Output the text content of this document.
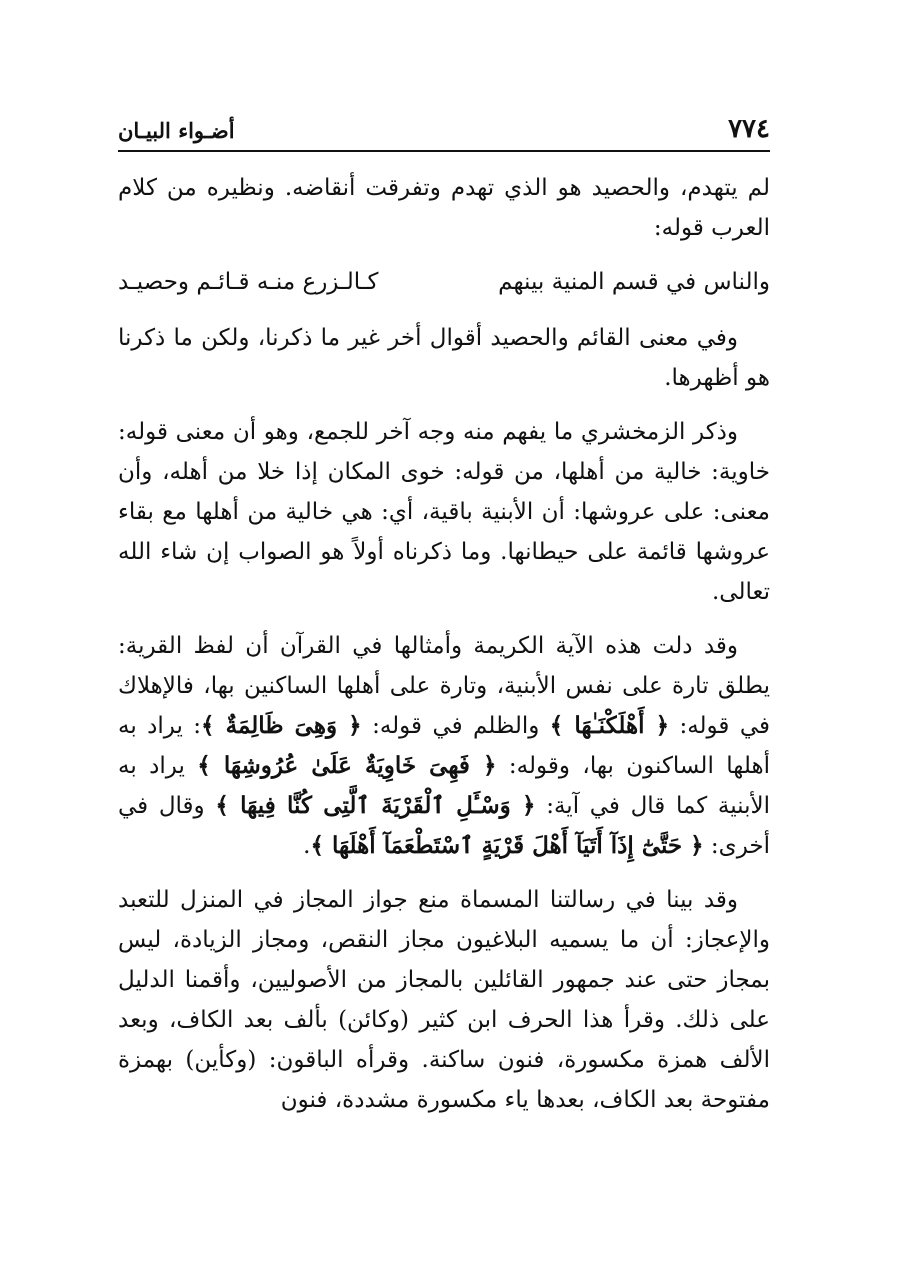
٧٧٤
أضـواء البيـان

لم يتهدم، والحصيد هو الذي تهدم وتفرقت أنقاضه. ونظيره من كلام العرب قوله:

والناس في قسم المنية بينهم
كـالـزرع منـه قـائـم وحصيـد

وفي معنى القائم والحصيد أقوال أخر غير ما ذكرنا، ولكن ما ذكرنا هو أظهرها.

وذكر الزمخشري ما يفهم منه وجه آخر للجمع، وهو أن معنى قوله: خاوية: خالية من أهلها، من قوله: خوى المكان إذا خلا من أهله، وأن معنى: على عروشها: أن الأبنية باقية، أي: هي خالية من أهلها مع بقاء عروشها قائمة على حيطانها. وما ذكرناه أولاً هو الصواب إن شاء الله تعالى.

وقد دلت هذه الآية الكريمة وأمثالها في القرآن أن لفظ القرية: يطلق تارة على نفس الأبنية، وتارة على أهلها الساكنين بها، فالإهلاك في قوله: ﴿ أَهْلَكْنَـٰهَا ﴾ والظلم في قوله: ﴿ وَهِىَ ظَالِمَةٌ ﴾: يراد به أهلها الساكنون بها، وقوله: ﴿ فَهِىَ خَاوِيَةٌ عَلَىٰ عُرُوشِهَا ﴾ يراد به الأبنية كما قال في آية: ﴿ وَسْـَٔلِ ٱلْقَرْيَةَ ٱلَّتِى كُنَّا فِيهَا ﴾ وقال في أخرى: ﴿ حَتَّىٰٓ إِذَآ أَتَيَآ أَهْلَ قَرْيَةٍ ٱسْتَطْعَمَآ أَهْلَهَا ﴾.

وقد بينا في رسالتنا المسماة منع جواز المجاز في المنزل للتعبد والإعجاز: أن ما يسميه البلاغيون مجاز النقص، ومجاز الزيادة، ليس بمجاز حتى عند جمهور القائلين بالمجاز من الأصوليين، وأقمنا الدليل على ذلك. وقرأ هذا الحرف ابن كثير (وكائن) بألف بعد الكاف، وبعد الألف همزة مكسورة، فنون ساكنة. وقرأه الباقون: (وكأين) بهمزة مفتوحة بعد الكاف، بعدها ياء مكسورة مشددة، فنون
